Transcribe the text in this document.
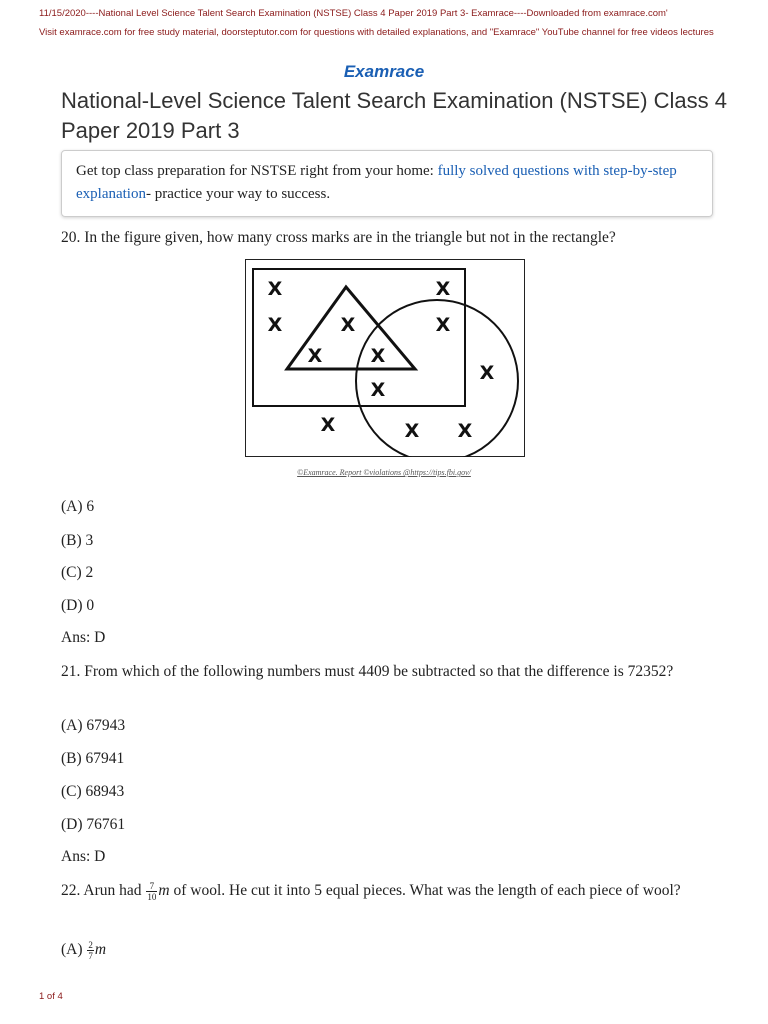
11/15/2020----National Level Science Talent Search Examination (NSTSE) Class 4 Paper 2019 Part 3- Examrace----Downloaded from examrace.com'
Visit examrace.com for free study material, doorsteptutor.com for questions with detailed explanations, and "Examrace" YouTube channel for free videos lectures
Examrace
National-Level Science Talent Search Examination (NSTSE) Class 4 Paper 2019 Part 3
Get top class preparation for NSTSE right from your home: fully solved questions with step-by-step explanation- practice your way to success.
20. In the figure given, how many cross marks are in the triangle but not in the rectangle?
X	X
X	X	X
X	X
X
X
X	X X
©Examrace. Report ©violations @https://tips.fbi.gov/
(A) 6
(B) 3
(C) 2
(D) 0
Ans: D
21. From which of the following numbers must 4409 be subtracted so that the difference is 72352?
(A) 67943
(B) 67941
(C) 68943
(D) 76761
Ans: D
22. Arun had $\frac{7}{10}$ m of wool. He cut it into 5 equal pieces. What was the length of each piece of wool?
$(A) \frac{2}{7}$ m
1 of 4
